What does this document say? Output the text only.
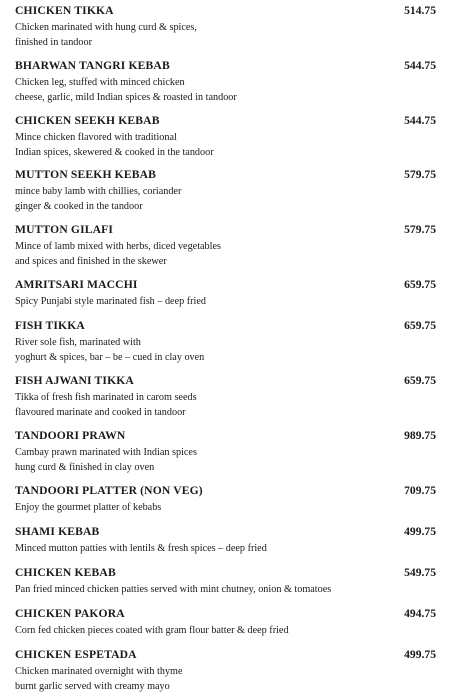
CHICKEN TIKKA	514.75
Chicken marinated with hung curd & spices,
finished in tandoor
BHARWAN TANGRI KEBAB	544.75
Chicken leg, stuffed with minced chicken
cheese, garlic, mild Indian spices & roasted in tandoor
CHICKEN SEEKH KEBAB	544.75
Mince chicken flavored with traditional
Indian spices, skewered & cooked in the tandoor
MUTTON SEEKH KEBAB	579.75
mince baby lamb with chillies, coriander
ginger & cooked in the tandoor
MUTTON GILAFI	579.75
Mince of lamb mixed with herbs, diced vegetables
and spices and finished in the skewer
AMRITSARI MACCHI	659.75
Spicy Punjabi style marinated fish – deep fried
FISH TIKKA	659.75
River sole fish, marinated with
yoghurt & spices, bar – be – cued in clay oven
FISH AJWANI TIKKA	659.75
Tikka of fresh fish marinated in carom seeds
flavoured marinate and cooked in tandoor
TANDOORI PRAWN	989.75
Cambay prawn marinated with Indian spices
hung curd & finished in clay oven
TANDOORI PLATTER (NON VEG)	709.75
Enjoy the gourmet platter of kebabs
SHAMI KEBAB	499.75
Minced mutton patties with lentils & fresh spices – deep fried
CHICKEN KEBAB	549.75
Pan fried minced chicken patties served with mint chutney, onion & tomatoes
CHICKEN PAKORA	494.75
Corn fed chicken pieces coated with gram flour batter & deep fried
CHICKEN ESPETADA	499.75
Chicken marinated overnight with thyme
burnt garlic served with creamy mayo
